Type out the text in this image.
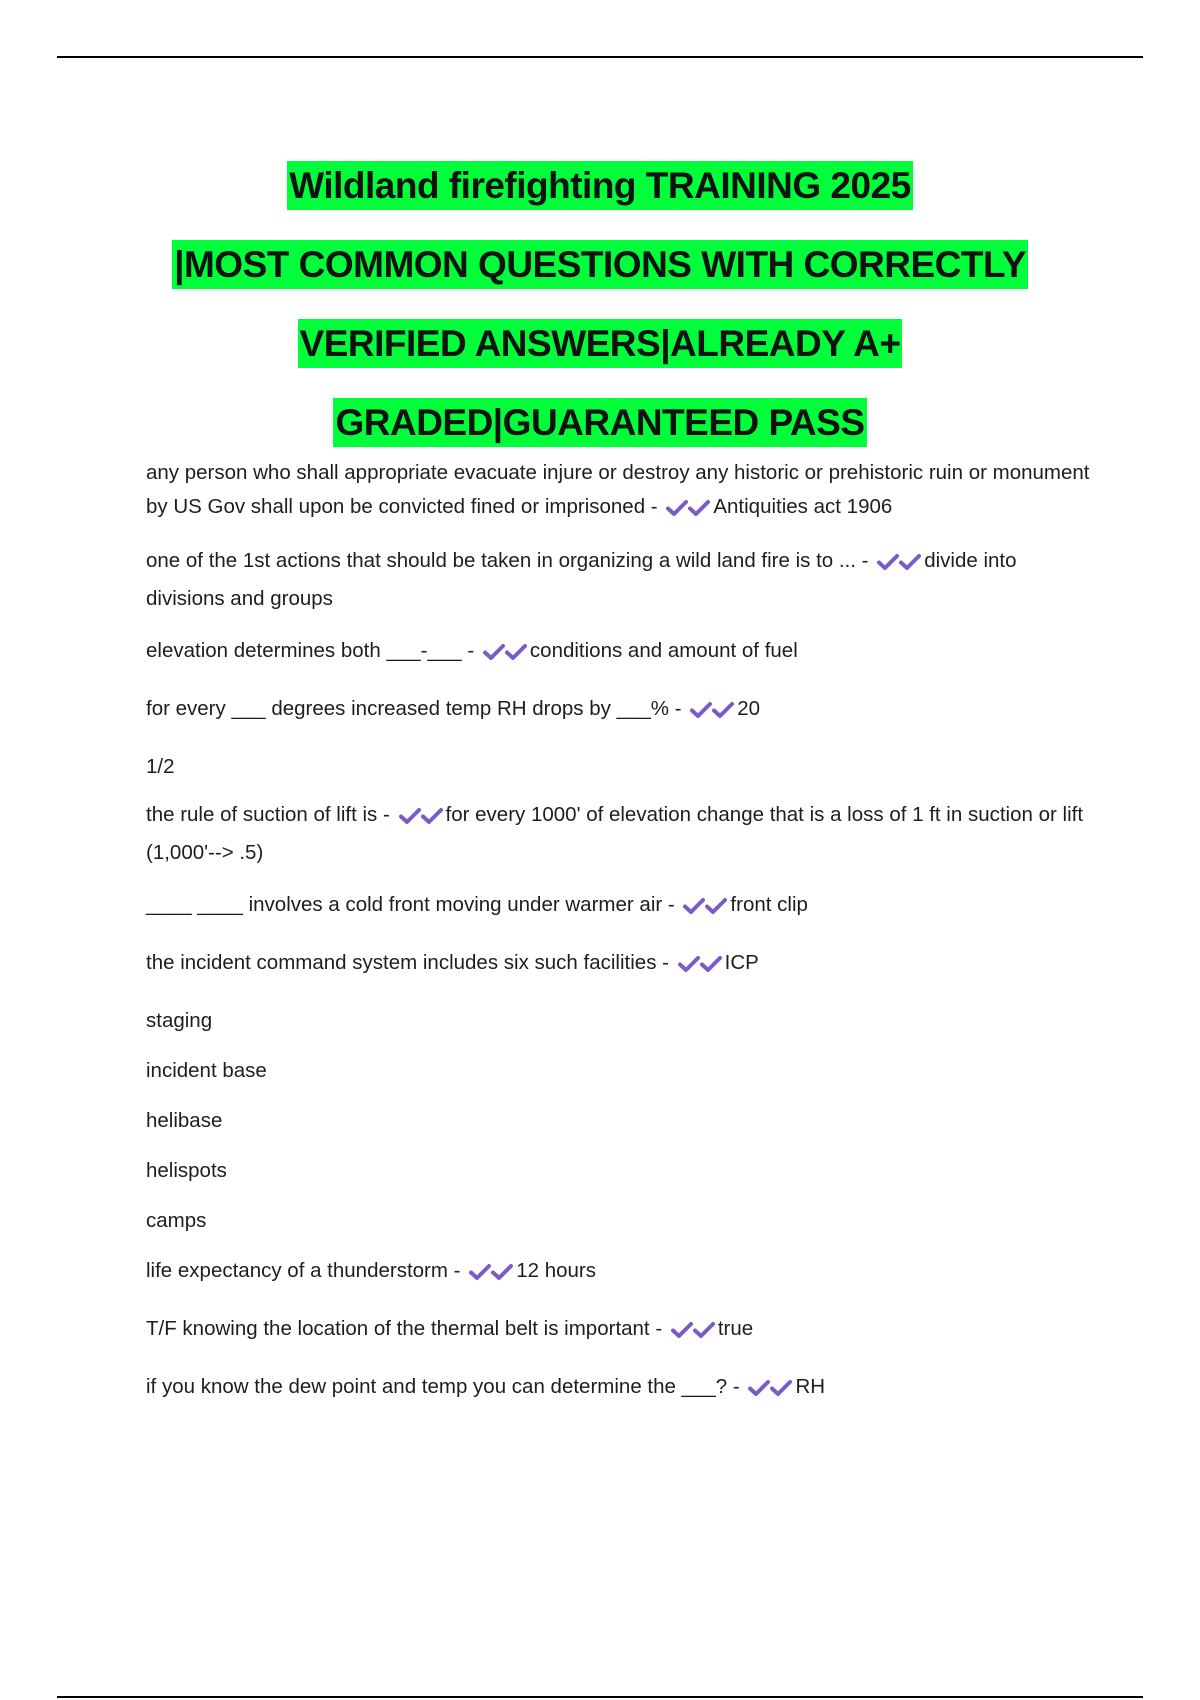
Wildland firefighting TRAINING 2025
|MOST COMMON QUESTIONS WITH CORRECTLY
VERIFIED ANSWERS|ALREADY A+
GRADED|GUARANTEED PASS
any person who shall appropriate evacuate injure or destroy any historic or prehistoric ruin or monument by US Gov shall upon be convicted fined or imprisoned -	Antiquities act 1906
one of the 1st actions that should be taken in organizing a wild land fire is to ... -	divide into divisions and groups
elevation determines both ___-___ -	conditions and amount of fuel
for every ___ degrees increased temp RH drops by ___% -	20
1/2
the rule of suction of lift is -	for every 1000' of elevation change that is a loss of 1 ft in suction or lift (1,000'--> .5)
____ ____ involves a cold front moving under warmer air -	front clip
the incident command system includes six such facilities -	ICP
staging
incident base
helibase
helispots
camps
life expectancy of a thunderstorm -	12 hours
T/F knowing the location of the thermal belt is important -	true
if you know the dew point and temp you can determine the ___? -	RH
